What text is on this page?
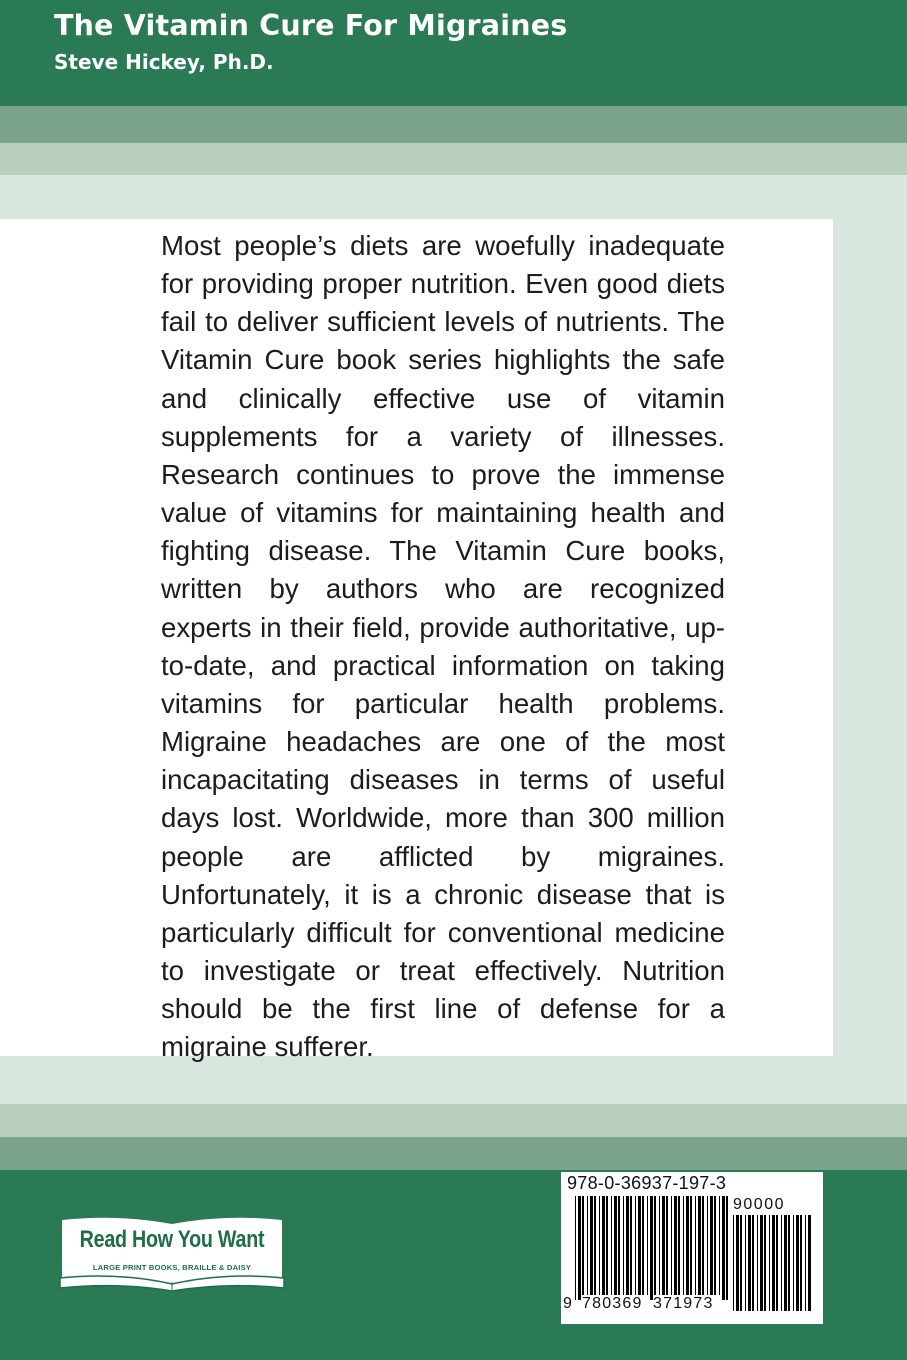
The Vitamin Cure For Migraines
Steve Hickey, Ph.D.

Most people’s diets are woefully inadequate for providing proper nutrition. Even good diets fail to deliver sufficient levels of nutrients. The Vitamin Cure book series highlights the safe and clinically effective use of vitamin supplements for a variety of illnesses. Research continues to prove the immense value of vitamins for maintaining health and fighting disease. The Vitamin Cure books, written by authors who are recognized experts in their field, provide authoritative, up-to-date, and practical information on taking vitamins for particular health problems. Migraine headaches are one of the most incapacitating diseases in terms of useful days lost. Worldwide, more than 300 million people are afflicted by migraines. Unfortunately, it is a chronic disease that is particularly difficult for conventional medicine to investigate or treat effectively. Nutrition should be the first line of defense for a migraine sufferer.

Read How You Want
LARGE PRINT BOOKS, BRAILLE & DAISY
978-0-36937-197-3
90000
9 780369 371973
